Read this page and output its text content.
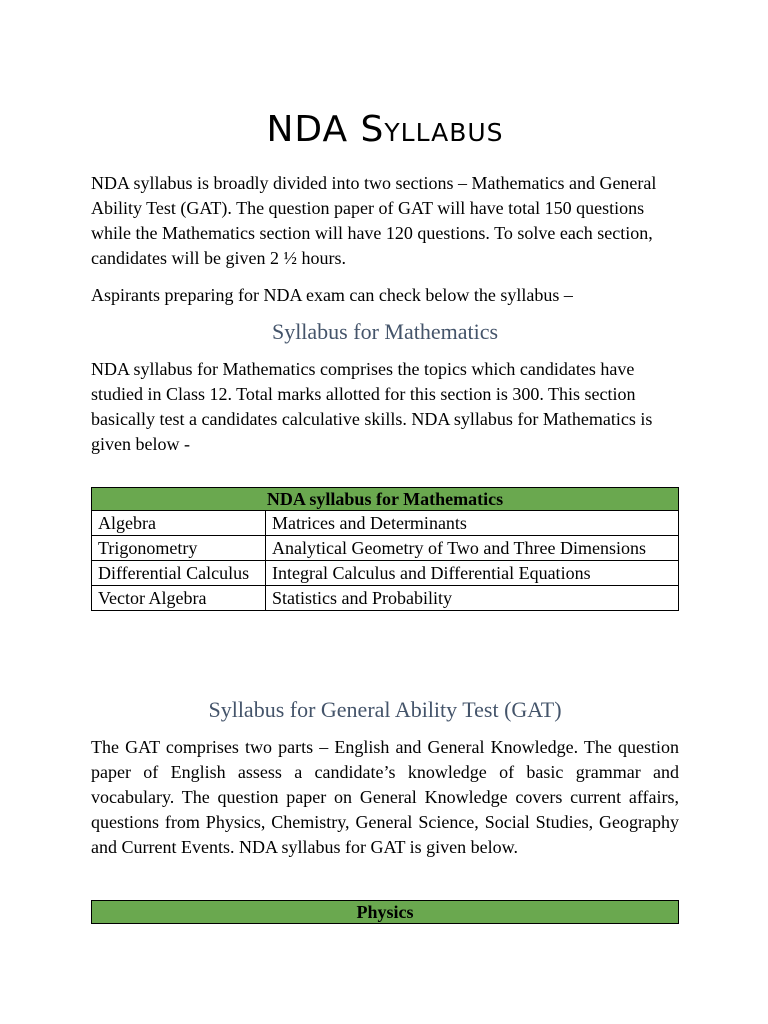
NDA Syllabus

NDA syllabus is broadly divided into two sections – Mathematics and General Ability Test (GAT). The question paper of GAT will have total 150 questions while the Mathematics section will have 120 questions. To solve each section, candidates will be given 2 ½ hours.

Aspirants preparing for NDA exam can check below the syllabus –

Syllabus for Mathematics

NDA syllabus for Mathematics comprises the topics which candidates have studied in Class 12. Total marks allotted for this section is 300. This section basically test a candidates calculative skills. NDA syllabus for Mathematics is given below -

NDA syllabus for Mathematics	
Algebra	Matrices and Determinants
Trigonometry	Analytical Geometry of Two and Three Dimensions
Differential Calculus	Integral Calculus and Differential Equations
Vector Algebra	Statistics and Probability
Syllabus for General Ability Test (GAT)

The GAT comprises two parts – English and General Knowledge. The question paper of English assess a candidate’s knowledge of basic grammar and vocabulary. The question paper on General Knowledge covers current affairs, questions from Physics, Chemistry, General Science, Social Studies, Geography and Current Events. NDA syllabus for GAT is given below.

Physics
